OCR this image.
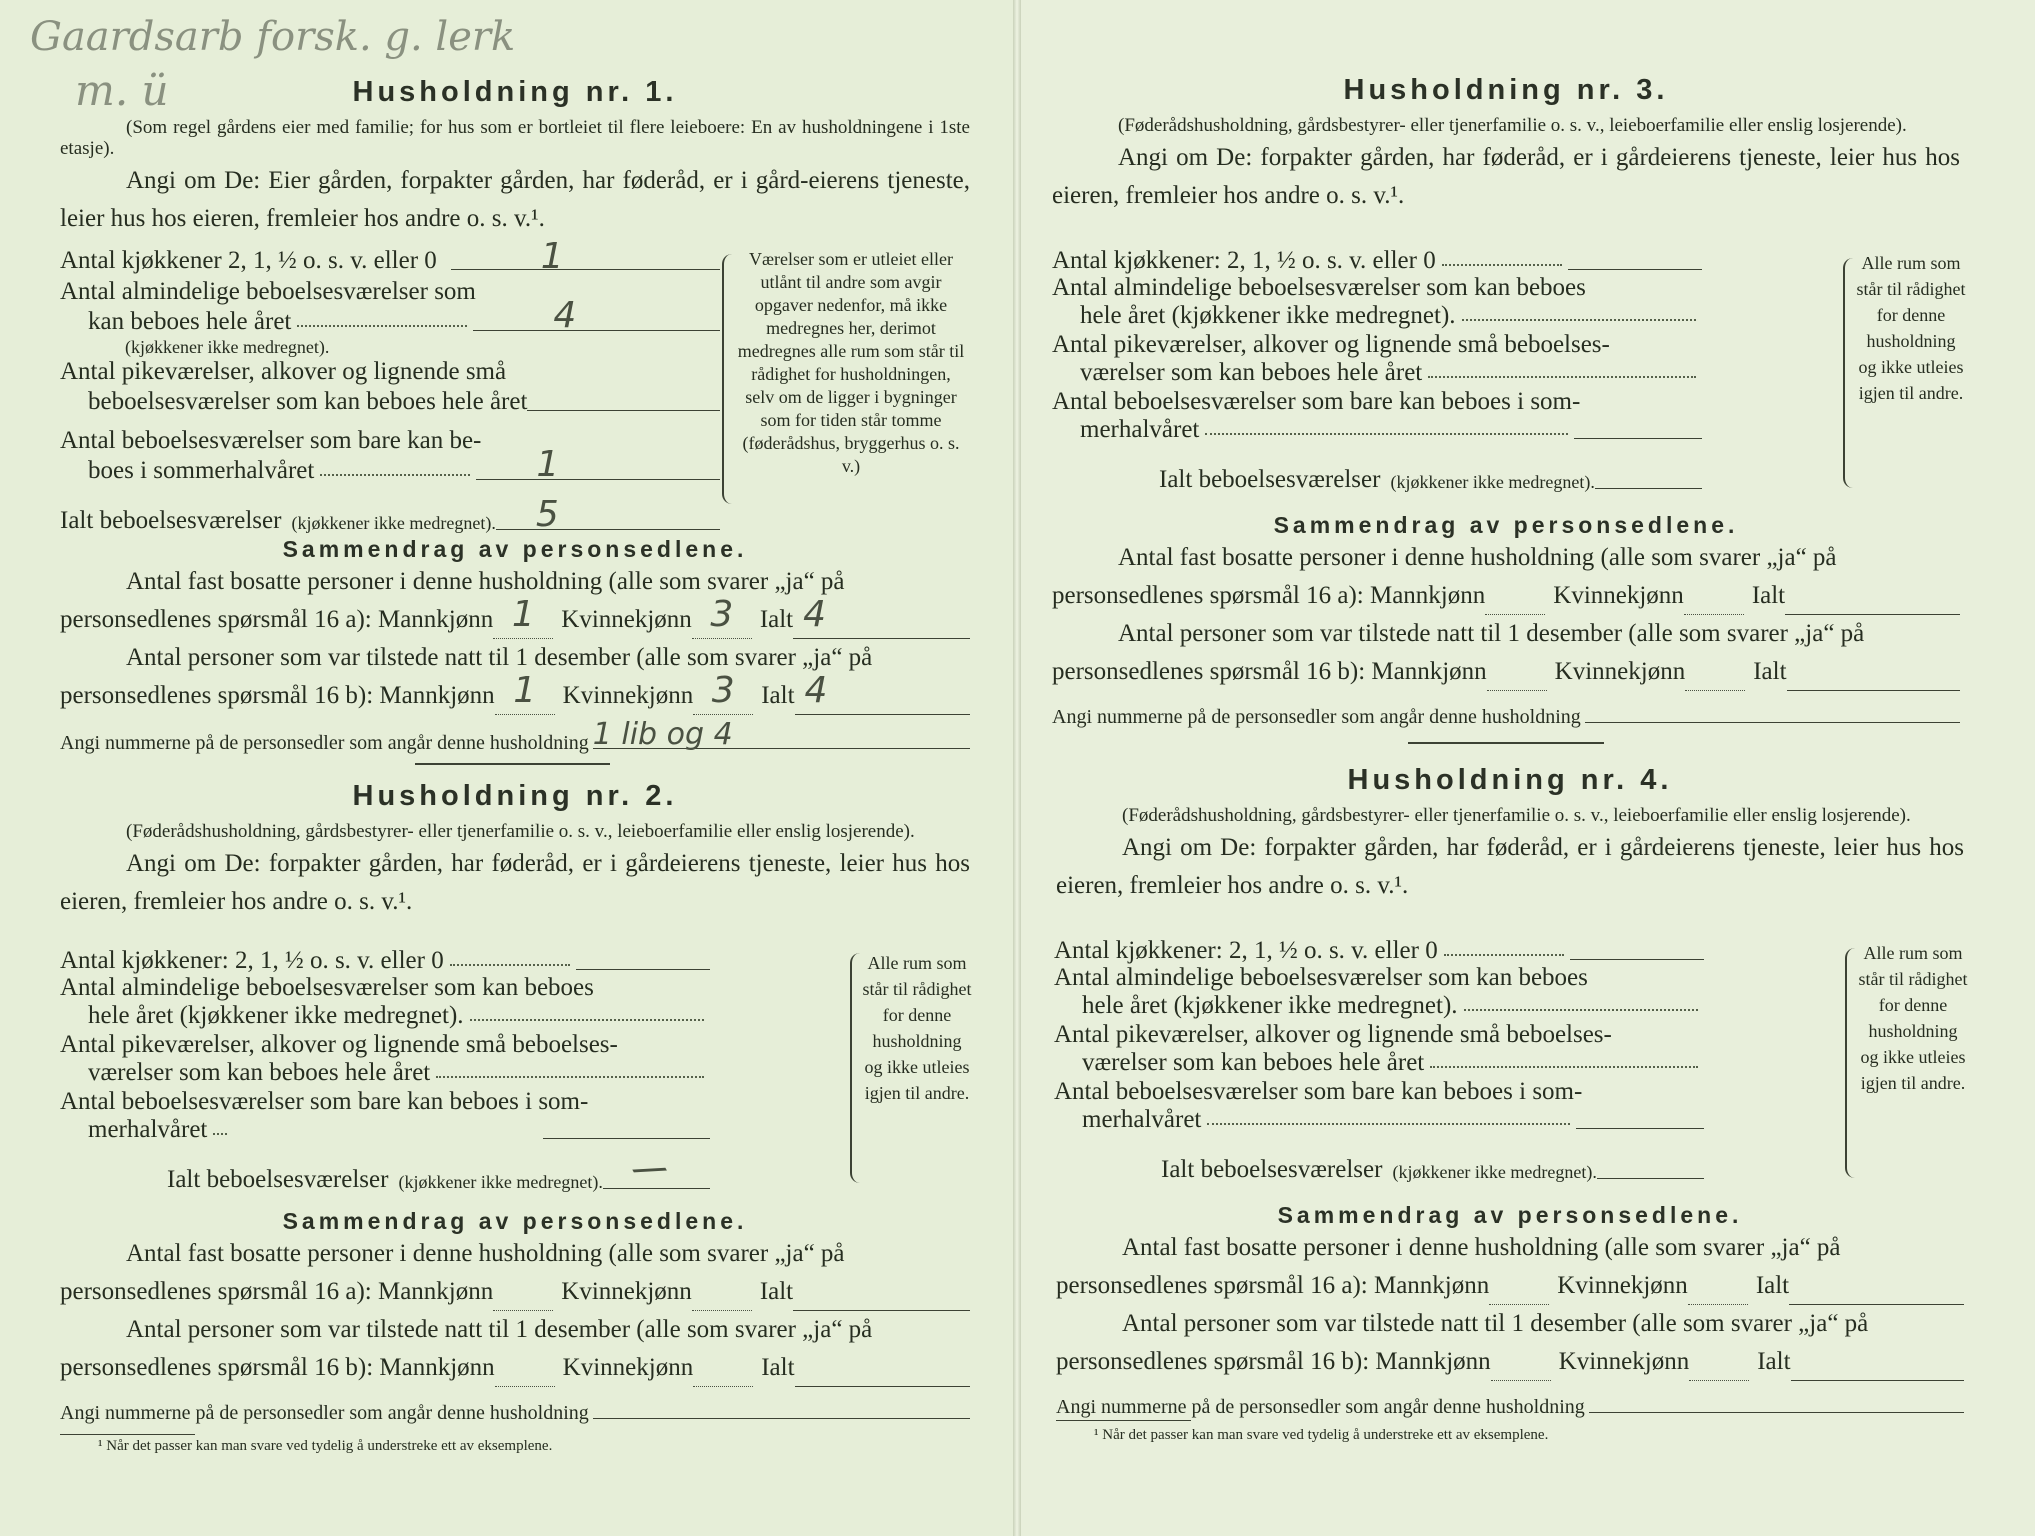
Gaardsarb forsk. g. lerk
m. ü	Husholdning nr. 1.
(Som regel gårdens eier med familie; for hus som er bortleiet til flere leieboere: En av husholdningene i 1ste etasje).
Angi om De: Eier gården, forpakter gården, har føderåd, er i gård-eierens tjeneste, leier hus hos eieren, fremleier hos andre o. s. v.¹.
Antal kjøkkener 2, 1, ½ o. s. v. eller 0	1
Antal almindelige beboelsesværelser som
kan beboes hele året	4
(kjøkkener ikke medregnet).
Antal pikeværelser, alkover og lignende små
beboelsesværelser som kan beboes hele året
Antal beboelsesværelser som bare kan be-
boes i sommerhalvåret	1
Ialt beboelsesværelser (kjøkkener ikke medregnet). 5
Værelser som er utleiet eller utlånt til andre som avgir opgaver nedenfor, må ikke medregnes her, derimot medregnes alle rum som står til rådighet for husholdningen, selv om de ligger i bygninger som for tiden står tomme (føderådshus, bryggerhus o. s. v.)
Sammendrag av personsedlene.
Antal fast bosatte personer i denne husholdning (alle som svarer „ja“ på
personsedlenes spørsmål 16 a): Mannkjønn 1	Kvinnekjønn 3	Ialt 4
Antal personer som var tilstede natt til 1 desember (alle som svarer „ja“ på
personsedlenes spørsmål 16 b): Mannkjønn 1	Kvinnekjønn 3	Ialt 4
Angi nummerne på de personsedler som angår denne husholdning 1 lib og 4
Husholdning nr. 2.
(Føderådshusholdning, gårdsbestyrer- eller tjenerfamilie o. s. v., leieboerfamilie eller enslig losjerende).
Angi om De: forpakter gården, har føderåd, er i gårdeierens tjeneste, leier hus hos eieren, fremleier hos andre o. s. v.¹.
Antal kjøkkener: 2, 1, ½ o. s. v. eller 0
Antal almindelige beboelsesværelser som kan beboes
hele året (kjøkkener ikke medregnet).
Antal pikeværelser, alkover og lignende små beboelses-
værelser som kan beboes hele året
Antal beboelsesværelser som bare kan beboes i som-
merhalvåret
Ialt beboelsesværelser (kjøkkener ikke medregnet). /
Alle rum som står til rådighet for denne husholdning og ikke utleies igjen til andre.
Sammendrag av personsedlene.
Antal fast bosatte personer i denne husholdning (alle som svarer „ja“ på
personsedlenes spørsmål 16 a): Mannkjønn	Kvinnekjønn	Ialt
Antal personer som var tilstede natt til 1 desember (alle som svarer „ja“ på
personsedlenes spørsmål 16 b): Mannkjønn	Kvinnekjønn	Ialt
Angi nummerne på de personsedler som angår denne husholdning
¹ Når det passer kan man svare ved tydelig å understreke ett av eksemplene.
Husholdning nr. 3.
(Føderådshusholdning, gårdsbestyrer- eller tjenerfamilie o. s. v., leieboerfamilie eller enslig losjerende).
Angi om De: forpakter gården, har føderåd, er i gårdeierens tjeneste, leier hus hos eieren, fremleier hos andre o. s. v.¹.
Antal kjøkkener: 2, 1, ½ o. s. v. eller 0
Antal almindelige beboelsesværelser som kan beboes
hele året (kjøkkener ikke medregnet).
Antal pikeværelser, alkover og lignende små beboelses-
værelser som kan beboes hele året
Antal beboelsesværelser som bare kan beboes i som-
merhalvåret
Ialt beboelsesværelser (kjøkkener ikke medregnet).
Alle rum som står til rådighet for denne husholdning og ikke utleies igjen til andre.
Sammendrag av personsedlene.
Antal fast bosatte personer i denne husholdning (alle som svarer „ja“ på
personsedlenes spørsmål 16 a): Mannkjønn	Kvinnekjønn	Ialt
Antal personer som var tilstede natt til 1 desember (alle som svarer „ja“ på
personsedlenes spørsmål 16 b): Mannkjønn	Kvinnekjønn	Ialt
Angi nummerne på de personsedler som angår denne husholdning
Husholdning nr. 4.
(Føderådshusholdning, gårdsbestyrer- eller tjenerfamilie o. s. v., leieboerfamilie eller enslig losjerende).
Angi om De: forpakter gården, har føderåd, er i gårdeierens tjeneste, leier hus hos eieren, fremleier hos andre o. s. v.¹.
Antal kjøkkener: 2, 1, ½ o. s. v. eller 0
Antal almindelige beboelsesværelser som kan beboes
hele året (kjøkkener ikke medregnet).
Antal pikeværelser, alkover og lignende små beboelses-
værelser som kan beboes hele året
Antal beboelsesværelser som bare kan beboes i som-
merhalvåret
Ialt beboelsesværelser (kjøkkener ikke medregnet).
Alle rum som står til rådighet for denne husholdning og ikke utleies igjen til andre.
Sammendrag av personsedlene.
Antal fast bosatte personer i denne husholdning (alle som svarer „ja“ på
personsedlenes spørsmål 16 a): Mannkjønn	Kvinnekjønn	Ialt
Antal personer som var tilstede natt til 1 desember (alle som svarer „ja“ på
personsedlenes spørsmål 16 b): Mannkjønn	Kvinnekjønn	Ialt
Angi nummerne på de personsedler som angår denne husholdning
¹ Når det passer kan man svare ved tydelig å understreke ett av eksemplene.
